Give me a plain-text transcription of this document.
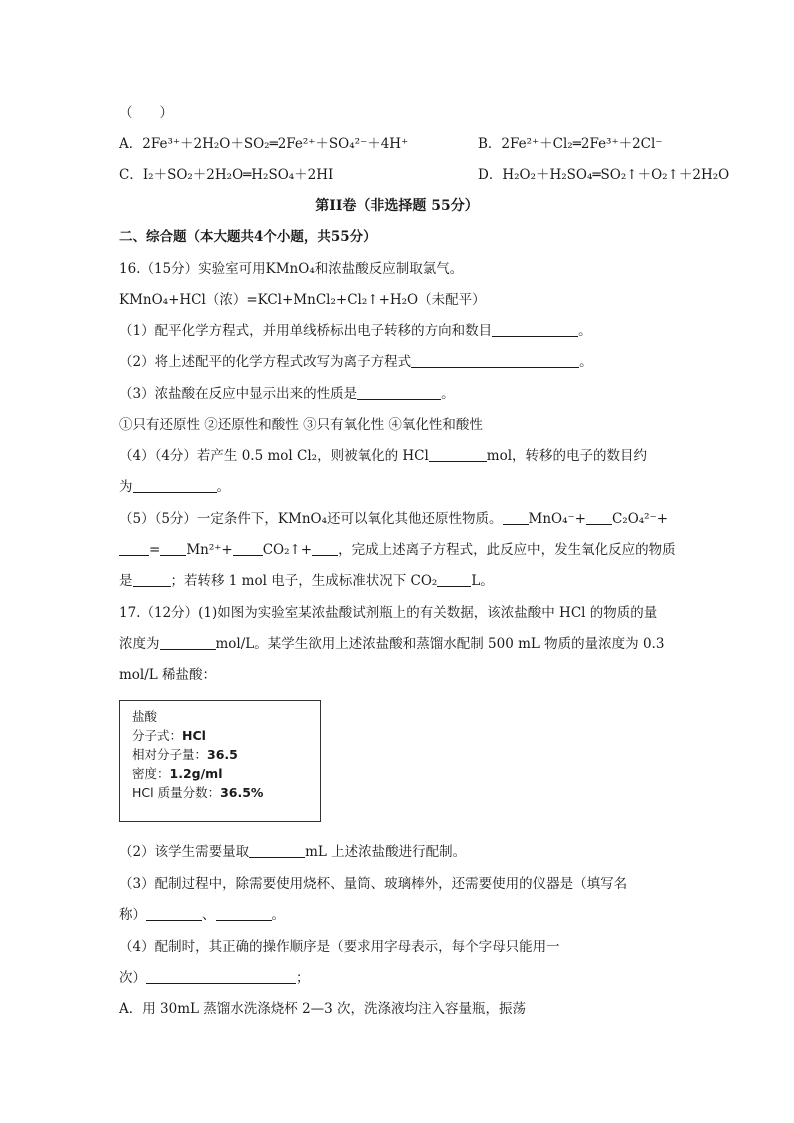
（　　）
A．2Fe³⁺＋2H₂O＋SO₂═2Fe²⁺＋SO₄²⁻＋4H⁺	B．2Fe²⁺＋Cl₂═2Fe³⁺＋2Cl⁻
C．I₂＋SO₂＋2H₂O═H₂SO₄＋2HI	D．H₂O₂＋H₂SO₄═SO₂↑＋O₂↑＋2H₂O
第II卷（非选择题 55分）
二、综合题（本大题共4个小题，共55分）
16.（15分）实验室可用KMnO₄和浓盐酸反应制取氯气。
KMnO₄+HCl（浓）=KCl+MnCl₂+Cl₂↑+H₂O（未配平）
（1）配平化学方程式，并用单线桥标出电子转移的方向和数目	。
（2）将上述配平的化学方程式改写为离子方程式	。
（3）浓盐酸在反应中显示出来的性质是	。
①只有还原性 ②还原性和酸性 ③只有氧化性 ④氧化性和酸性
（4）（4分）若产生 0.5 mol Cl₂，则被氧化的 HCl	mol，转移的电子的数目约
为	。
（5）（5分）一定条件下，KMnO₄还可以氧化其他还原性物质。 MnO₄⁻+ C₂O₄²⁻+
= Mn²⁺+ CO₂↑+ ，完成上述离子方程式，此反应中，发生氧化反应的物质
是	；若转移 1 mol 电子，生成标准状况下 CO₂	L。
17.（12分）(1)如图为实验室某浓盐酸试剂瓶上的有关数据，该浓盐酸中 HCl 的物质的量
浓度为	mol/L。某学生欲用上述浓盐酸和蒸馏水配制 500 mL 物质的量浓度为 0.3
mol/L 稀盐酸：
盐酸
分子式：HCl
相对分子量：36.5
密度：1.2g/ml
HCl 质量分数：36.5%
（2）该学生需要量取	mL 上述浓盐酸进行配制。
（3）配制过程中，除需要使用烧杯、量筒、玻璃棒外，还需要使用的仪器是（填写名
称）	、	。
（4）配制时，其正确的操作顺序是（要求用字母表示，每个字母只能用一
次）	；
A．用 30mL 蒸馏水洗涤烧杯 2—3 次，洗涤液均注入容量瓶，振荡
